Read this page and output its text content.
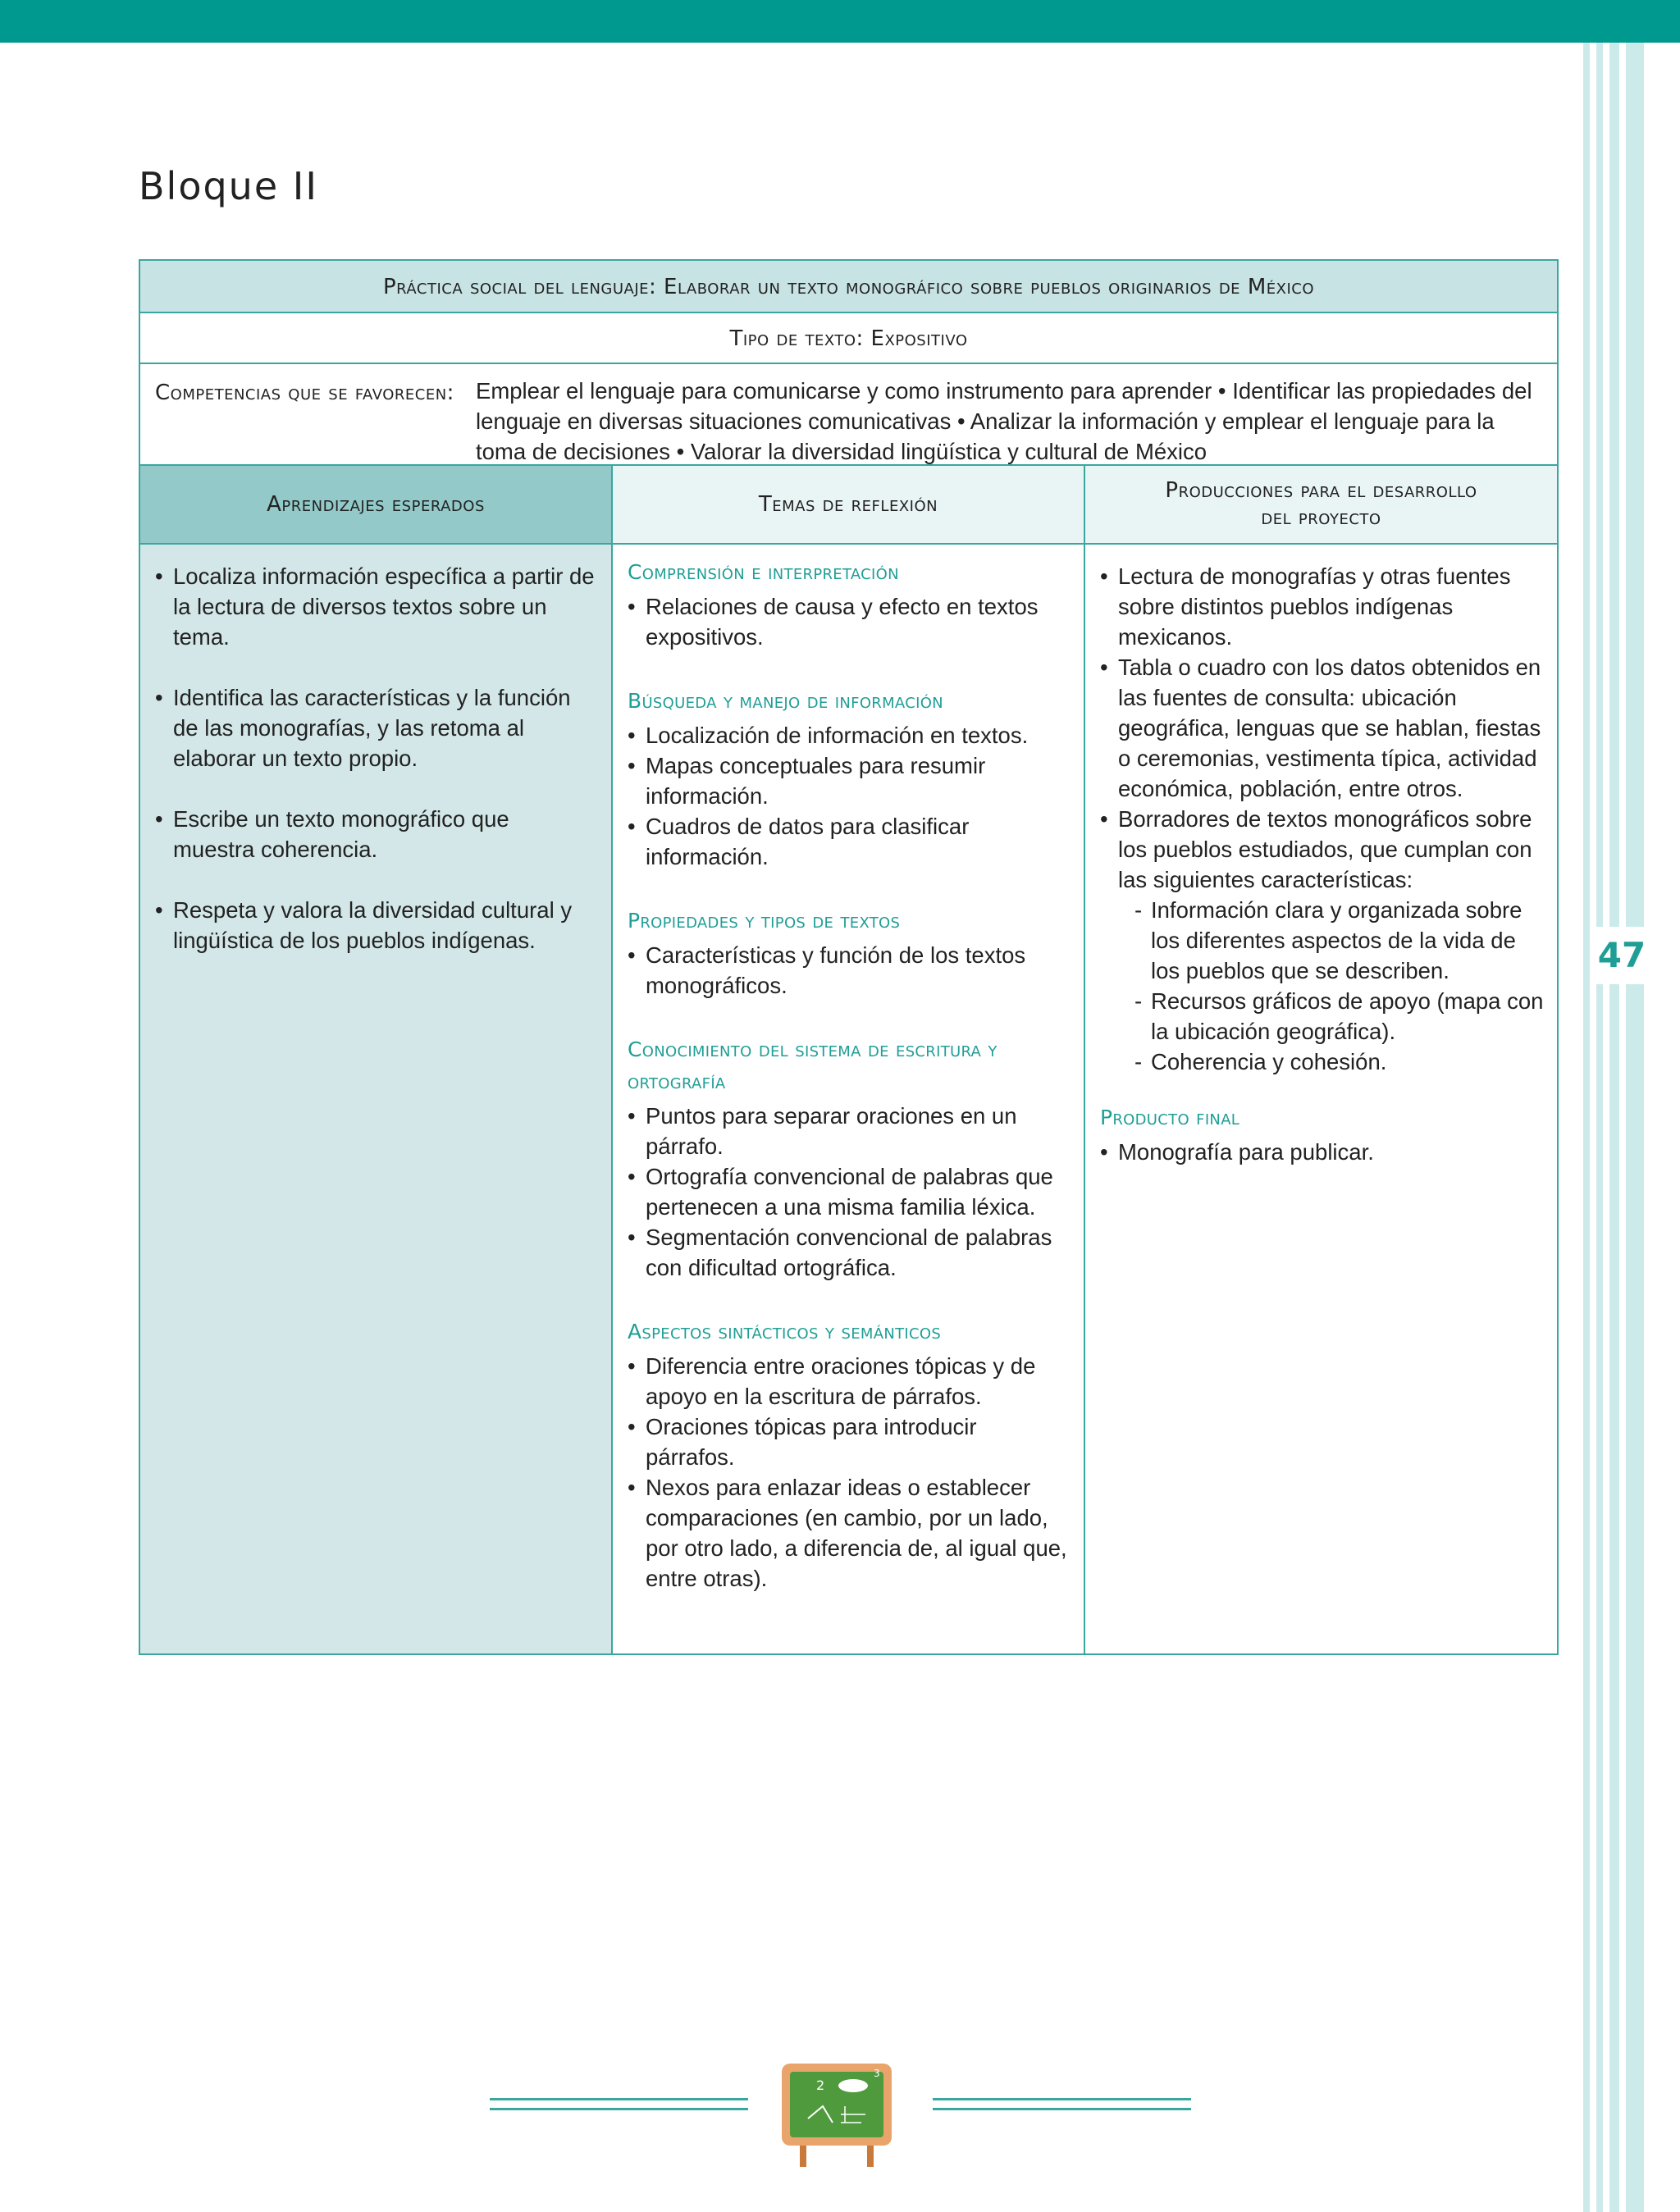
47
Bloque II
Práctica social del lenguaje: Elaborar un texto monográfico sobre pueblos originarios de México
Tipo de texto: Expositivo
Competencias que se favorecen: Emplear el lenguaje para comunicarse y como instrumento para aprender • Identificar las propiedades del lenguaje en diversas situaciones comunicativas • Analizar la información y emplear el lenguaje para la toma de decisiones • Valorar la diversidad lingüística y cultural de México
Aprendizajes esperados	Temas de reflexión
Producciones para el desarrollo del proyecto
• Localiza información específica a partir de la lectura de diversos textos sobre un tema.
• Identifica las características y la función de las monografías, y las retoma al elaborar un texto propio.
• Escribe un texto monográfico que muestra coherencia.
• Respeta y valora la diversidad cultural y lingüística de los pueblos indígenas.
Comprensión e interpretación
• Relaciones de causa y efecto en textos expositivos.
Búsqueda y manejo de información
• Localización de información en textos.
• Mapas conceptuales para resumir información.
• Cuadros de datos para clasificar información.
Propiedades y tipos de textos
• Características y función de los textos monográficos.
Conocimiento del sistema de escritura y ortografía
• Puntos para separar oraciones en un párrafo.
• Ortografía convencional de palabras que pertenecen a una misma familia léxica.
• Segmentación convencional de palabras con dificultad ortográfica.
Aspectos sintácticos y semánticos
• Diferencia entre oraciones tópicas y de apoyo en la escritura de párrafos.
• Oraciones tópicas para introducir párrafos.
• Nexos para enlazar ideas o establecer comparaciones (en cambio, por un lado, por otro lado, a diferencia de, al igual que, entre otras).
• Lectura de monografías y otras fuentes sobre distintos pueblos indígenas mexicanos.
• Tabla o cuadro con los datos obtenidos en las fuentes de consulta: ubicación geográfica, lenguas que se hablan, fiestas o ceremonias, vestimenta típica, actividad económica, población, entre otros.
• Borradores de textos monográficos sobre los pueblos estudiados, que cumplan con las siguientes características:
- Información clara y organizada sobre los diferentes aspectos de la vida de los pueblos que se describen.
- Recursos gráficos de apoyo (mapa con la ubicación geográfica).
- Coherencia y cohesión.
Producto final
• Monografía para publicar.
2
3
